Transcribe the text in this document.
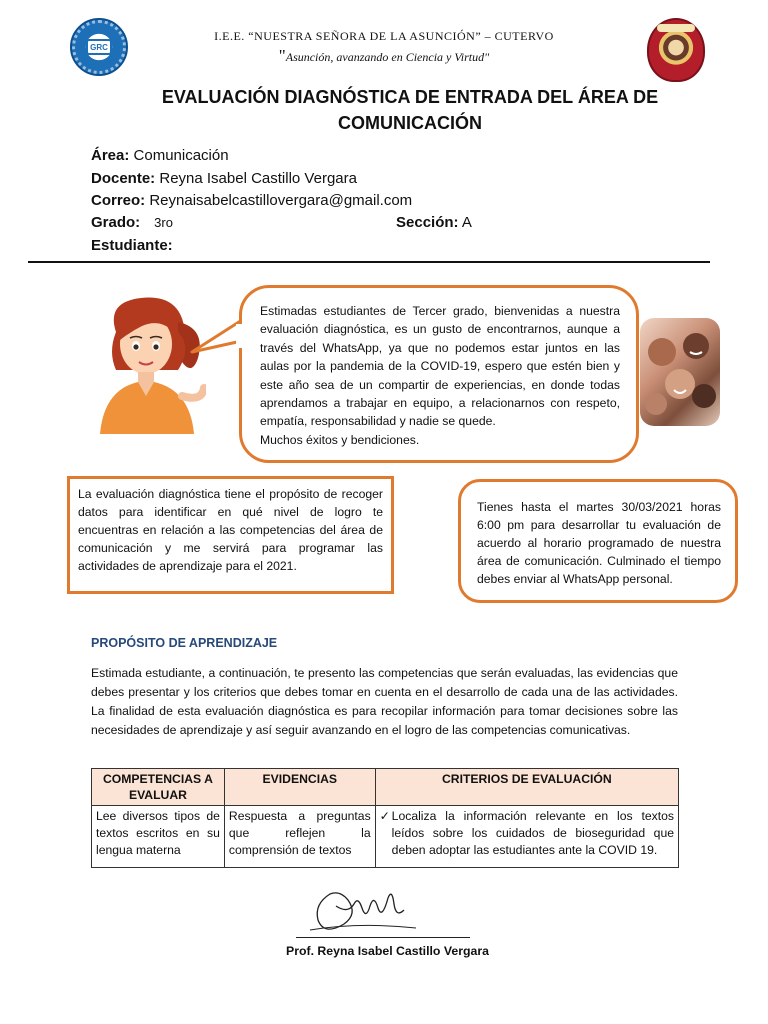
GRC
I.E.E. “NUESTRA SEÑORA DE LA ASUNCIÓN” – CUTERVO
"Asunción, avanzando en Ciencia y Virtud"
EVALUACIÓN DIAGNÓSTICA DE ENTRADA DEL ÁREA DE
COMUNICACIÓN
Área: Comunicación
Docente: Reyna Isabel Castillo Vergara
Correo: Reynaisabelcastillovergara@gmail.com
Grado: 3ro	Sección: A
Estudiante:
Estimadas estudiantes de Tercer grado, bienvenidas a nuestra evaluación diagnóstica, es un gusto de encontrarnos, aunque a través del WhatsApp, ya que no podemos estar juntos en las aulas por la pandemia de la COVID-19, espero que estén bien y este año sea de un compartir de experiencias, en donde todas aprendamos a trabajar en equipo, a relacionarnos con respeto, empatía, responsabilidad y nadie se quede.
Muchos éxitos y bendiciones.
La evaluación diagnóstica tiene el propósito de recoger datos para identificar en qué nivel de logro te encuentras en relación a las competencias del área de comunicación y me servirá para programar las actividades de aprendizaje para el 2021.
Tienes hasta el martes 30/03/2021 horas 6:00 pm para desarrollar tu evaluación de acuerdo al horario programado de nuestra área de comunicación. Culminado el tiempo debes enviar al WhatsApp personal.
PROPÓSITO DE APRENDIZAJE
Estimada estudiante, a continuación, te presento las competencias que serán evaluadas, las evidencias que debes presentar y los criterios que debes tomar en cuenta en el desarrollo de cada una de las actividades. La finalidad de esta evaluación diagnóstica es para recopilar información para tomar decisiones sobre las necesidades de aprendizaje y así seguir avanzando en el logro de las competencias comunicativas.
COMPETENCIAS A EVALUAR	EVIDENCIAS	CRITERIOS DE EVALUACIÓN
Lee diversos tipos de textos escritos en su lengua materna	Respuesta a preguntas que reflejen la comprensión de textos	✓ Localiza la información relevante en los textos leídos sobre los cuidados de bioseguridad que deben adoptar las estudiantes ante la COVID 19.
Prof. Reyna Isabel Castillo Vergara
